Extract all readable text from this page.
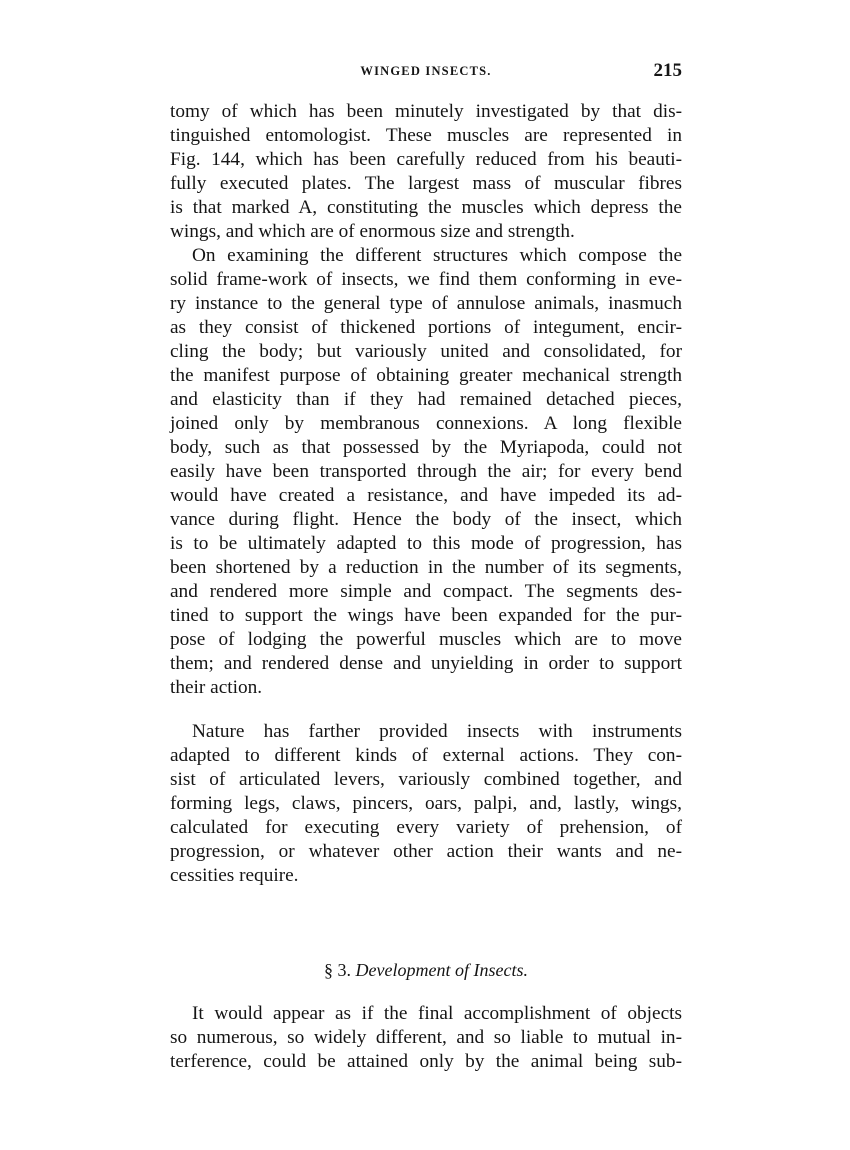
WINGED INSECTS.	215
tomy of which has been minutely investigated by that dis-
tinguished entomologist. These muscles are represented in
Fig. 144, which has been carefully reduced from his beauti-
fully executed plates. The largest mass of muscular fibres
is that marked A, constituting the muscles which depress the
wings, and which are of enormous size and strength.
On examining the different structures which compose the
solid frame-work of insects, we find them conforming in eve-
ry instance to the general type of annulose animals, inasmuch
as they consist of thickened portions of integument, encir-
cling the body; but variously united and consolidated, for
the manifest purpose of obtaining greater mechanical strength
and elasticity than if they had remained detached pieces,
joined only by membranous connexions. A long flexible
body, such as that possessed by the Myriapoda, could not
easily have been transported through the air; for every bend
would have created a resistance, and have impeded its ad-
vance during flight. Hence the body of the insect, which
is to be ultimately adapted to this mode of progression, has
been shortened by a reduction in the number of its segments,
and rendered more simple and compact. The segments des-
tined to support the wings have been expanded for the pur-
pose of lodging the powerful muscles which are to move
them; and rendered dense and unyielding in order to support
their action.
Nature has farther provided insects with instruments
adapted to different kinds of external actions. They con-
sist of articulated levers, variously combined together, and
forming legs, claws, pincers, oars, palpi, and, lastly, wings,
calculated for executing every variety of prehension, of
progression, or whatever other action their wants and ne-
cessities require.
§ 3. Development of Insects.
It would appear as if the final accomplishment of objects
so numerous, so widely different, and so liable to mutual in-
terference, could be attained only by the animal being sub-
